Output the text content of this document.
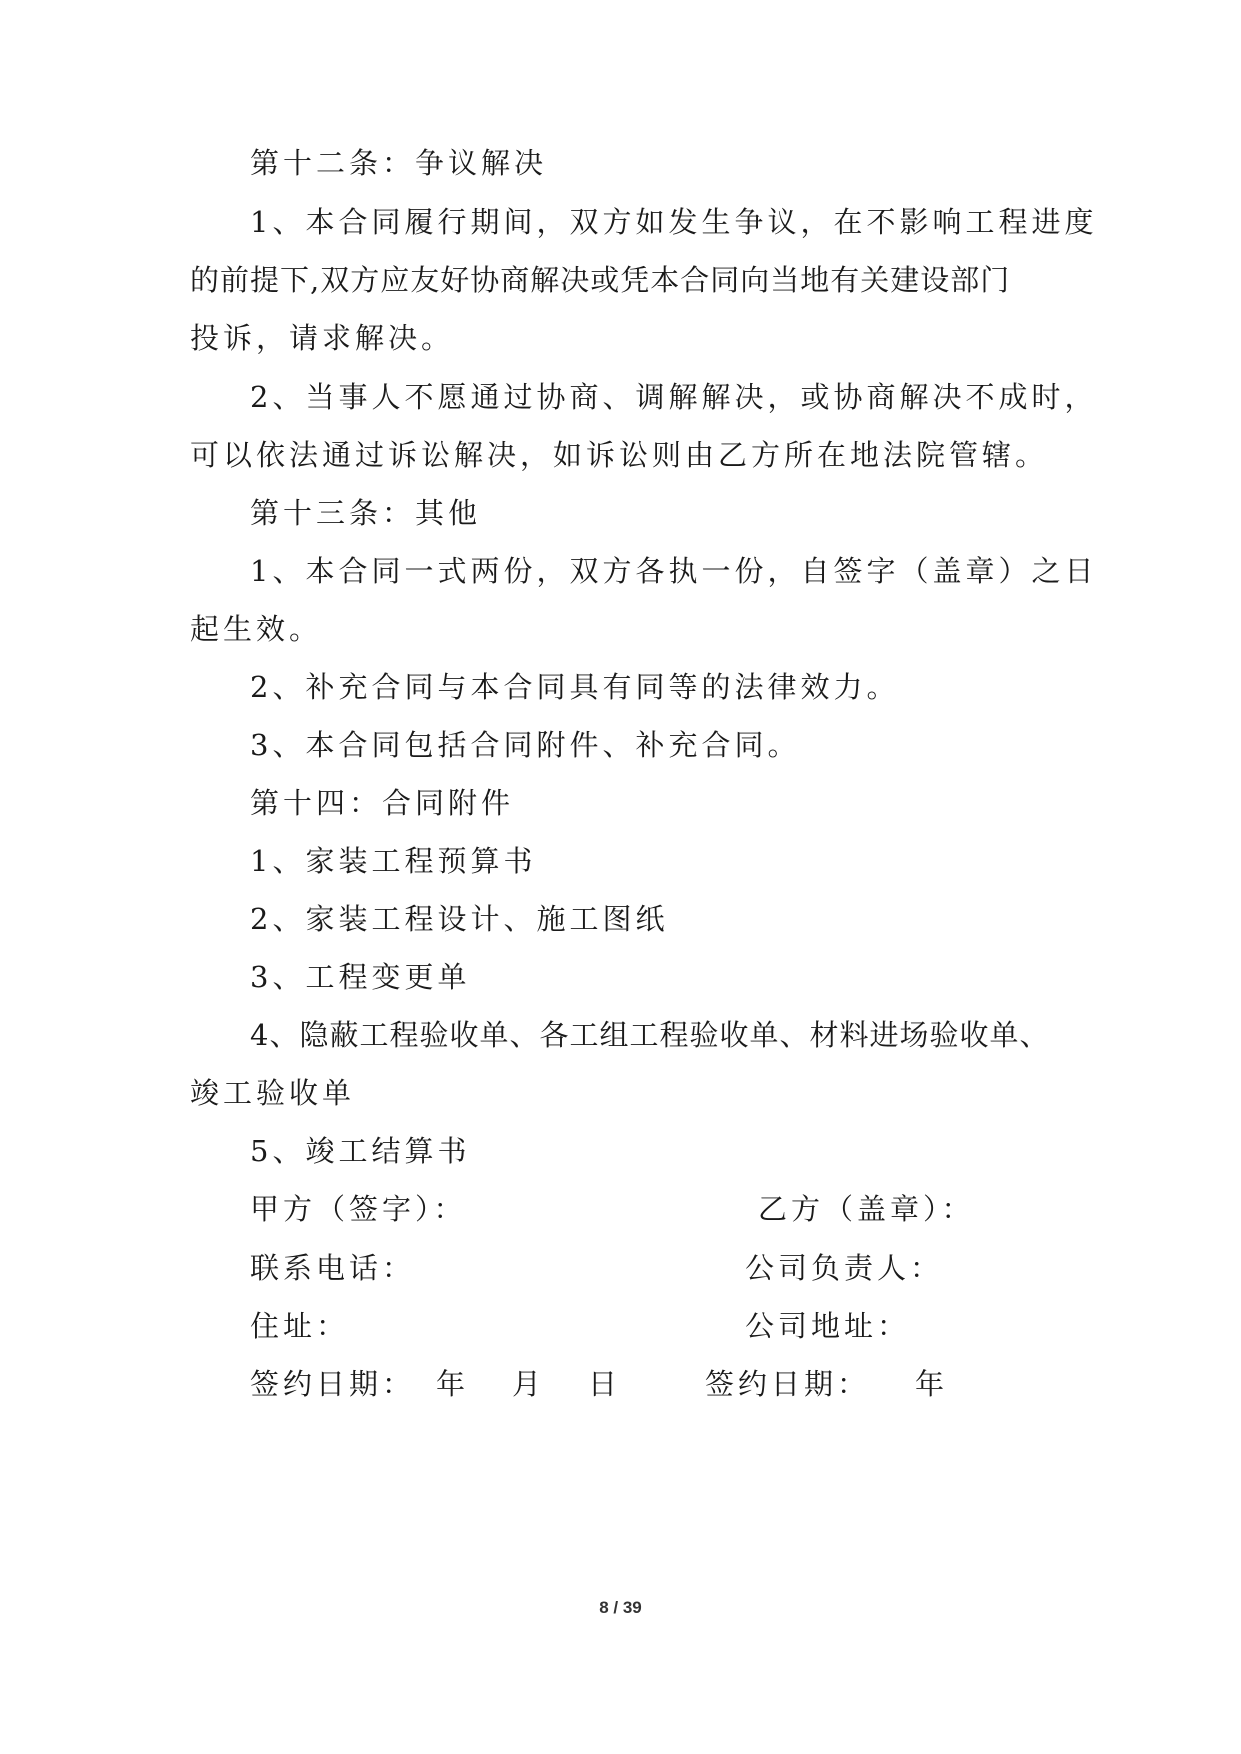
第十二条：争议解决
1、本合同履行期间，双方如发生争议，在不影响工程进度
的前提下,双方应友好协商解决或凭本合同向当地有关建设部门
投诉，请求解决。
2、当事人不愿通过协商、调解解决，或协商解决不成时，
可以依法通过诉讼解决，如诉讼则由乙方所在地法院管辖。
第十三条：其他
1、本合同一式两份，双方各执一份，自签字（盖章）之日
起生效。
2、补充合同与本合同具有同等的法律效力。
3、本合同包括合同附件、补充合同。
第十四：合同附件
1、家装工程预算书
2、家装工程设计、施工图纸
3、工程变更单
4、隐蔽工程验收单、各工组工程验收单、材料进场验收单、
竣工验收单
5、竣工结算书
甲方（签字）：	乙方（盖章）：
联系电话：	公司负责人：
住址：	公司地址：
签约日期： 年 月 日	签约日期： 年
8 / 39
